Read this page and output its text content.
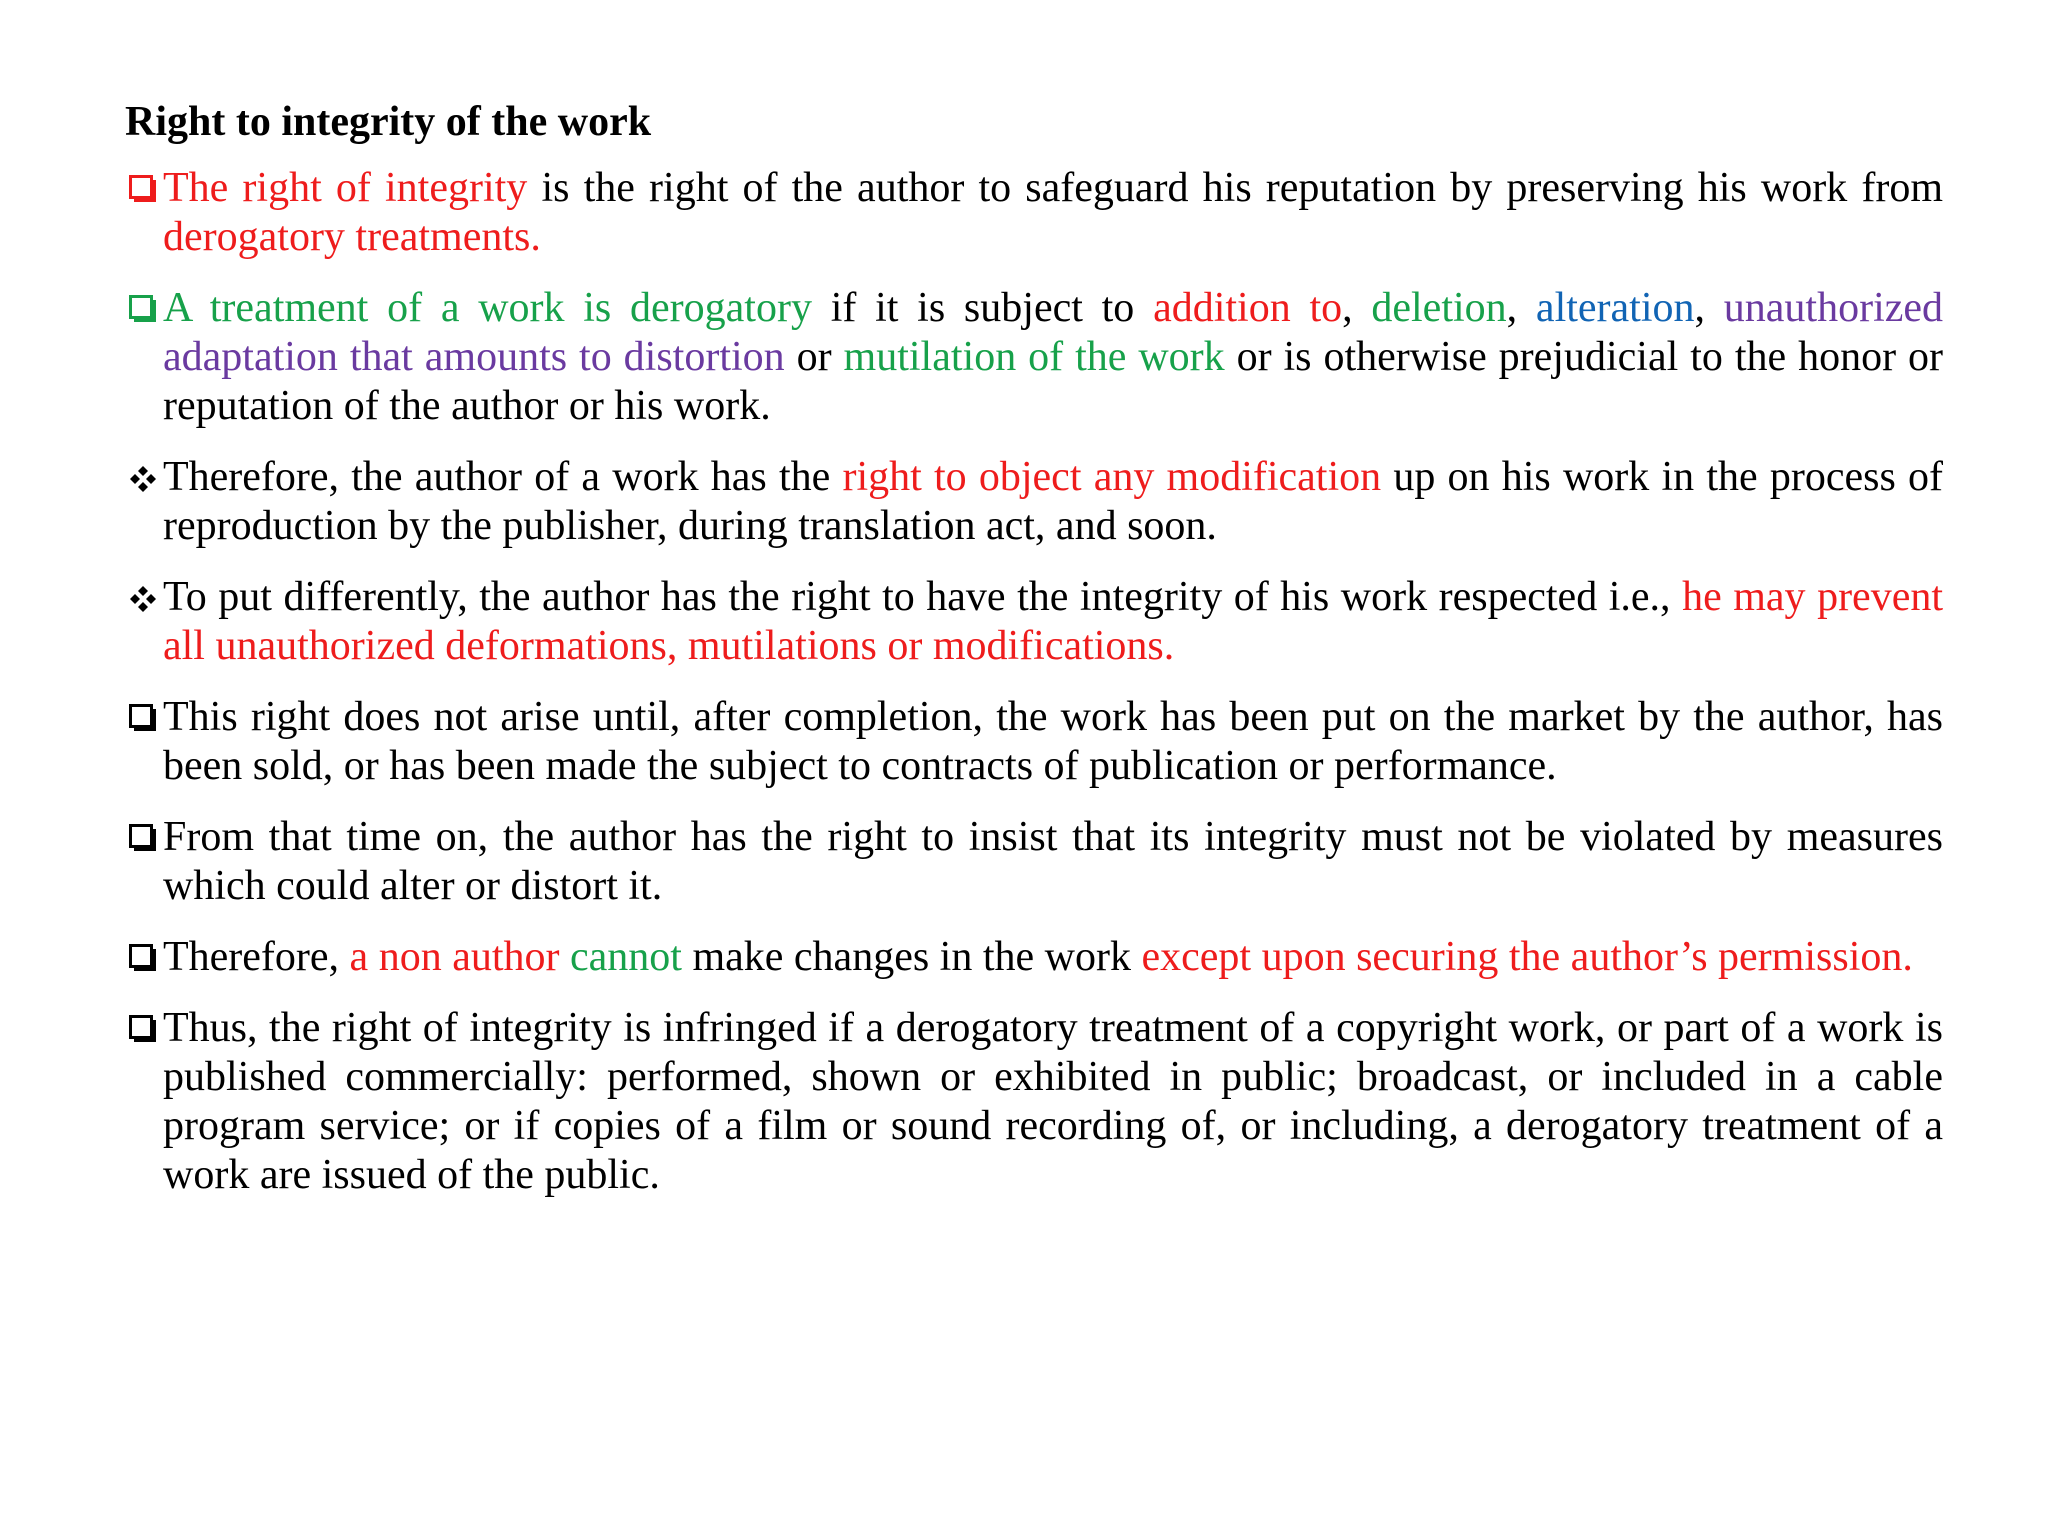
Right to integrity of the work
The right of integrity is the right of the author to safeguard his reputation by preserving his work from derogatory treatments.
A treatment of a work is derogatory if it is subject to addition to, deletion, alteration, unauthorized adaptation that amounts to distortion or mutilation of the work or is otherwise prejudicial to the honor or reputation of the author or his work.
Therefore, the author of a work has the right to object any modification up on his work in the process of reproduction by the publisher, during translation act, and soon.
To put differently, the author has the right to have the integrity of his work respected i.e., he may prevent all unauthorized deformations, mutilations or modifications.
This right does not arise until, after completion, the work has been put on the market by the author, has been sold, or has been made the subject to contracts of publication or performance.
From that time on, the author has the right to insist that its integrity must not be violated by measures which could alter or distort it.
Therefore, a non author cannot make changes in the work except upon securing the author’s permission.
Thus, the right of integrity is infringed if a derogatory treatment of a copyright work, or part of a work is published commercially: performed, shown or exhibited in public; broadcast, or included in a cable program service; or if copies of a film or sound recording of, or including, a derogatory treatment of a work are issued of the public.
